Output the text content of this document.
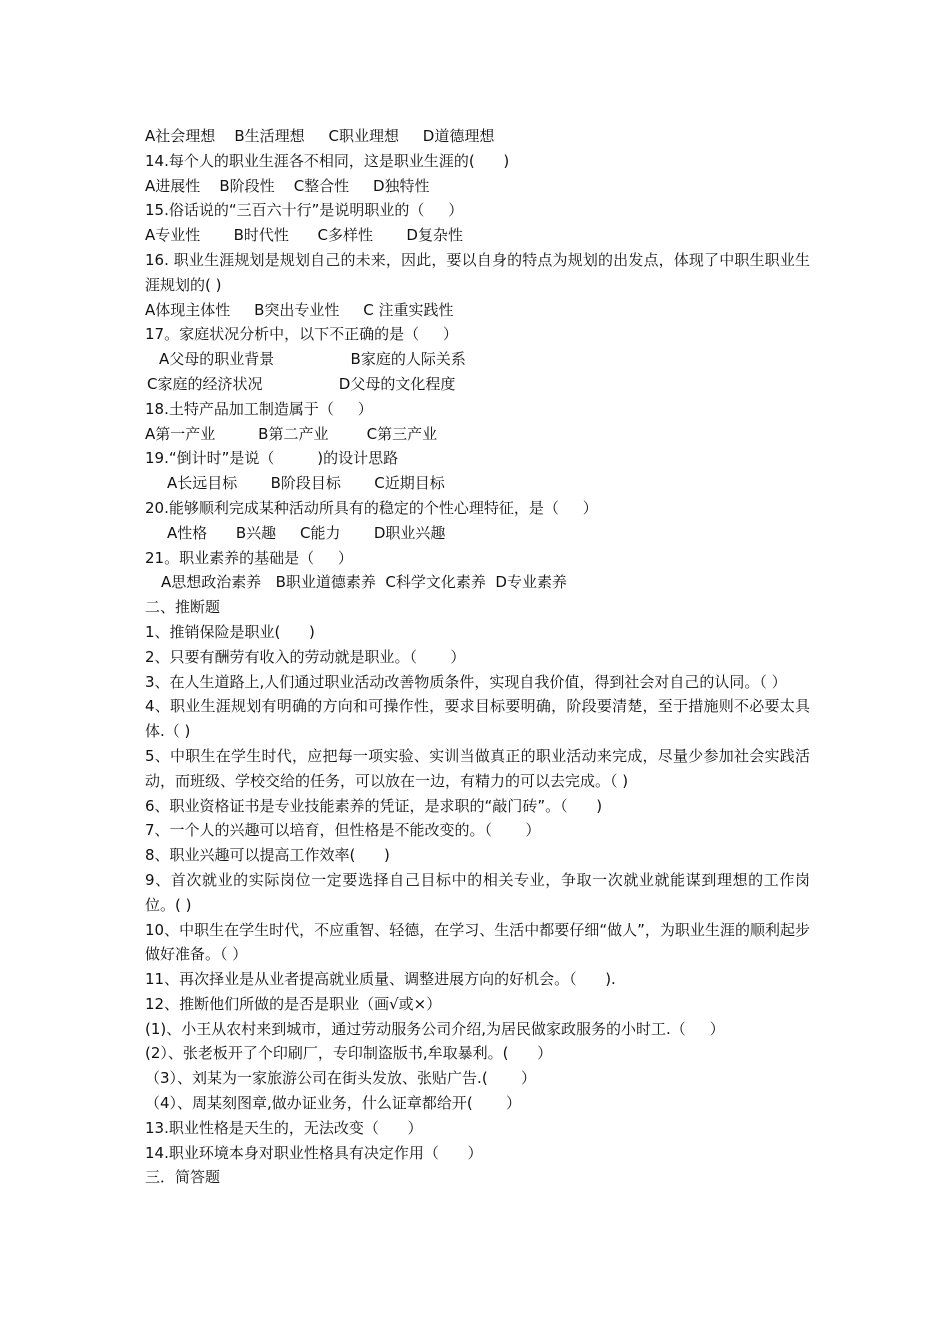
A社会理想    B生活理想     C职业理想     D道德理想
14.每个人的职业生涯各不相同，这是职业生涯的(      )
A进展性    B阶段性    C整合性     D独特性
15.俗话说的“三百六十行”是说明职业的（     ）
A专业性       B时代性      C多样性       D复杂性
16. 职业生涯规划是规划自己的未来，因此，要以自身的特点为规划的出发点，体现了中职生职业生涯规划的( )
A体现主体性     B突出专业性     C 注重实践性
17。家庭状况分析中，以下不正确的是（     ）
A父母的职业背景                B家庭的人际关系
C家庭的经济状况                D父母的文化程度
18.土特产品加工制造属于（     ）
A第一产业         B第二产业        C第三产业
19.“倒计时”是说（         )的设计思路
A长远目标       B阶段目标       C近期目标
20.能够顺利完成某种活动所具有的稳定的个性心理特征，是（     ）
A性格      B兴趣     C能力       D职业兴趣
21。职业素养的基础是（     ）
A思想政治素养   B职业道德素养  C科学文化素养  D专业素养
二、推断题
1、推销保险是职业(      )
2、只要有酬劳有收入的劳动就是职业。（       ）
3、在人生道路上,人们通过职业活动改善物质条件，实现自我价值，得到社会对自己的认同。（ ）
4、职业生涯规划有明确的方向和可操作性，要求目标要明确，阶段要清楚，至于措施则不必要太具体.（ )
5、中职生在学生时代，应把每一项实验、实训当做真正的职业活动来完成，尽量少参加社会实践活动，而班级、学校交给的任务，可以放在一边，有精力的可以去完成。（ )
6、职业资格证书是专业技能素养的凭证，是求职的“敲门砖”。（      )
7、一个人的兴趣可以培育，但性格是不能改变的。（       ）
8、职业兴趣可以提高工作效率(      )
9、首次就业的实际岗位一定要选择自己目标中的相关专业，争取一次就业就能谋到理想的工作岗位。( )
10、中职生在学生时代，不应重智、轻德，在学习、生活中都要仔细“做人”，为职业生涯的顺利起步做好准备。（ ）
11、再次择业是从业者提高就业质量、调整进展方向的好机会。（      ).
12、推断他们所做的是否是职业（画√或×）
(1)、小王从农村来到城市，通过劳动服务公司介绍,为居民做家政服务的小时工.（     ）
(2）、张老板开了个印刷厂，专印制盗版书,牟取暴利。(      ）
（3）、刘某为一家旅游公司在街头发放、张贴广告.(       ）
（4）、周某刻图章,做办证业务，什么证章都给开(       ）
13.职业性格是天生的，无法改变（      ）
14.职业环境本身对职业性格具有决定作用（      ）
三．简答题
